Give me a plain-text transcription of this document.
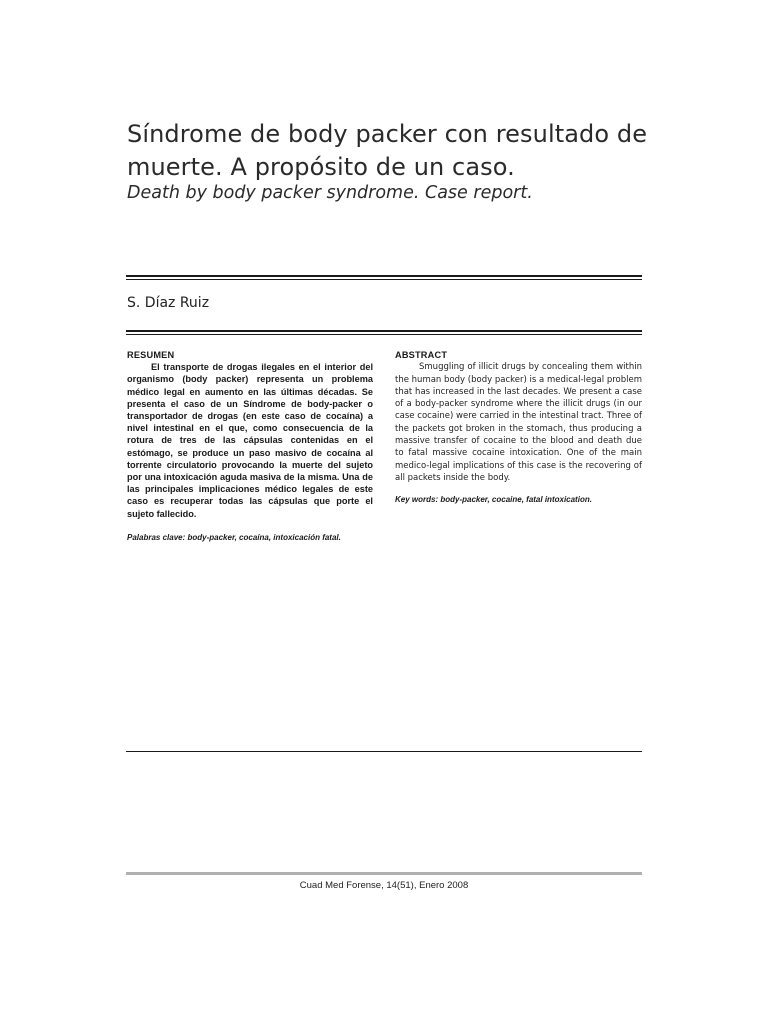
Síndrome de body packer con resultado de
muerte. A propósito de un caso.

Death by body packer syndrome. Case report.

S. Díaz Ruiz
RESUMEN

El transporte de drogas ilegales en el interior del organismo (body packer) representa un problema médico legal en aumento en las últimas décadas. Se presenta el caso de un Síndrome de body-packer o transportador de drogas (en este caso de cocaína) a nivel intestinal en el que, como consecuencia de la rotura de tres de las cápsulas contenidas en el estómago, se produce un paso masivo de cocaína al torrente circulatorio provocando la muerte del sujeto por una intoxicación aguda masiva de la misma. Una de las principales implicaciones médico legales de este caso es recuperar todas las cápsulas que porte el sujeto fallecido.

Palabras clave: body-packer, cocaína, intoxicación fatal.
ABSTRACT

Smuggling of illicit drugs by concealing them within the human body (body packer) is a medical-legal problem that has increased in the last decades. We present a case of a body-packer syndrome where the illicit drugs (in our case cocaine) were carried in the intestinal tract. Three of the packets got broken in the stomach, thus producing a massive transfer of cocaine to the blood and death due to fatal massive cocaine intoxication. One of the main medico-legal implications of this case is the recovering of all packets inside the body.

Key words: body-packer, cocaine, fatal intoxication.
Cuad Med Forense, 14(51), Enero 2008
